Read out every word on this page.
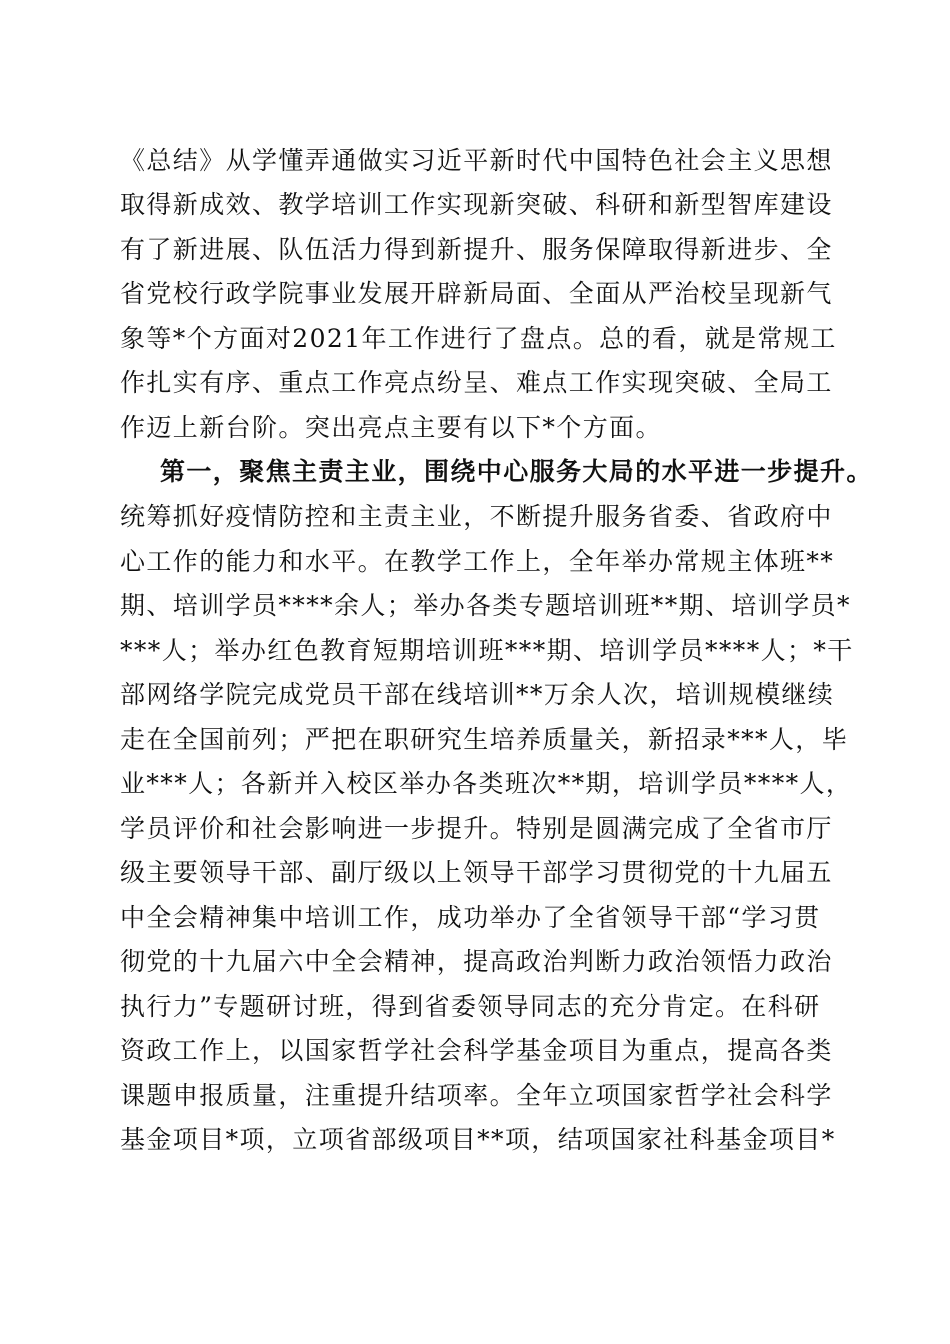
《总结》从学懂弄通做实习近平新时代中国特色社会主义思想
取得新成效、教学培训工作实现新突破、科研和新型智库建设
有了新进展、队伍活力得到新提升、服务保障取得新进步、全
省党校行政学院事业发展开辟新局面、全面从严治校呈现新气
象等*个方面对2021年工作进行了盘点。总的看，就是常规工
作扎实有序、重点工作亮点纷呈、难点工作实现突破、全局工
作迈上新台阶。突出亮点主要有以下*个方面。
第一，聚焦主责主业，围绕中心服务大局的水平进一步提升。
统筹抓好疫情防控和主责主业，不断提升服务省委、省政府中
心工作的能力和水平。在教学工作上，全年举办常规主体班**
期、培训学员****余人；举办各类专题培训班**期、培训学员*
***人；举办红色教育短期培训班***期、培训学员****人；*干
部网络学院完成党员干部在线培训**万余人次，培训规模继续
走在全国前列；严把在职研究生培养质量关，新招录***人，毕
业***人；各新并入校区举办各类班次**期，培训学员****人，
学员评价和社会影响进一步提升。特别是圆满完成了全省市厅
级主要领导干部、副厅级以上领导干部学习贯彻党的十九届五
中全会精神集中培训工作，成功举办了全省领导干部“学习贯
彻党的十九届六中全会精神，提高政治判断力政治领悟力政治
执行力”专题研讨班，得到省委领导同志的充分肯定。在科研
资政工作上，以国家哲学社会科学基金项目为重点，提高各类
课题申报质量，注重提升结项率。全年立项国家哲学社会科学
基金项目*项，立项省部级项目**项，结项国家社科基金项目*
